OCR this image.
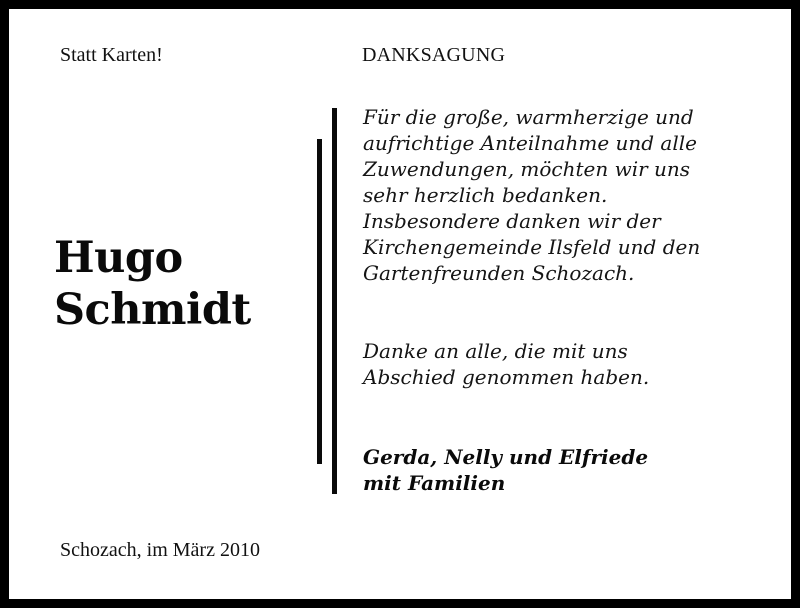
Statt Karten!	DANKSAGUNG
Hugo
Schmidt
Für die große, warmherzige und
aufrichtige Anteilnahme und alle
Zuwendungen, möchten wir uns
sehr herzlich bedanken.
Insbesondere danken wir der
Kirchengemeinde Ilsfeld und den
Gartenfreunden Schozach.
Danke an alle, die mit uns
Abschied genommen haben.
Gerda, Nelly und Elfriede
mit Familien
Schozach, im März 2010
